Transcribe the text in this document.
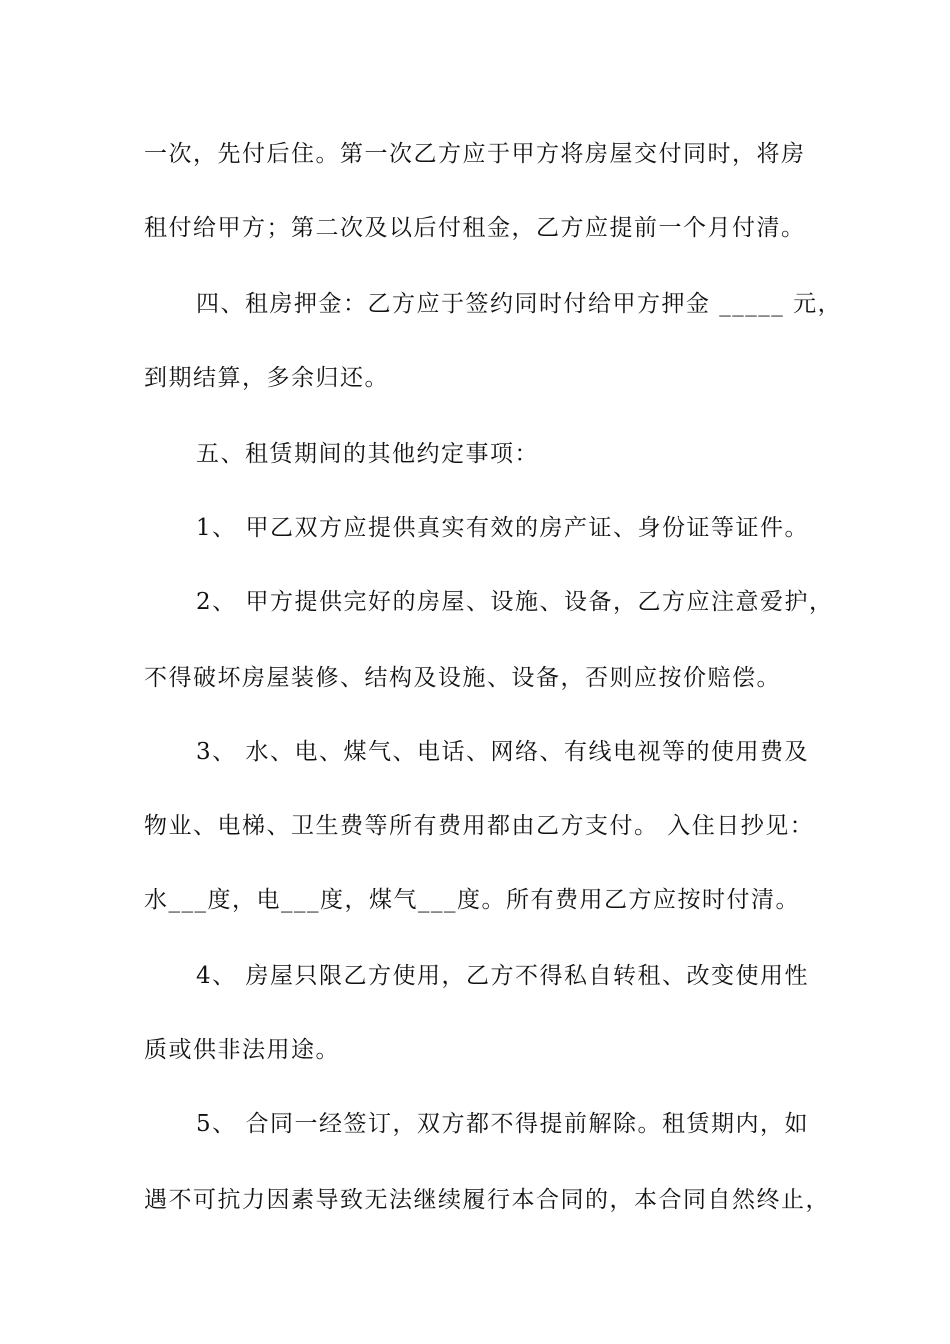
一次，先付后住。第一次乙方应于甲方将房屋交付同时，将房
租付给甲方；第二次及以后付租金，乙方应提前一个月付清。
四、租房押金：乙方应于签约同时付给甲方押金 _____ 元，
到期结算，多余归还。
五、租赁期间的其他约定事项：
1、 甲乙双方应提供真实有效的房产证、身份证等证件。
2、 甲方提供完好的房屋、设施、设备，乙方应注意爱护，
不得破坏房屋装修、结构及设施、设备，否则应按价赔偿。
3、 水、电、煤气、电话、网络、有线电视等的使用费及
物业、电梯、卫生费等所有费用都由乙方支付。 入住日抄见：
水___度，电___度，煤气___度。所有费用乙方应按时付清。
4、 房屋只限乙方使用，乙方不得私自转租、改变使用性
质或供非法用途。
5、 合同一经签订，双方都不得提前解除。租赁期内，如
遇不可抗力因素导致无法继续履行本合同的，本合同自然终止，
